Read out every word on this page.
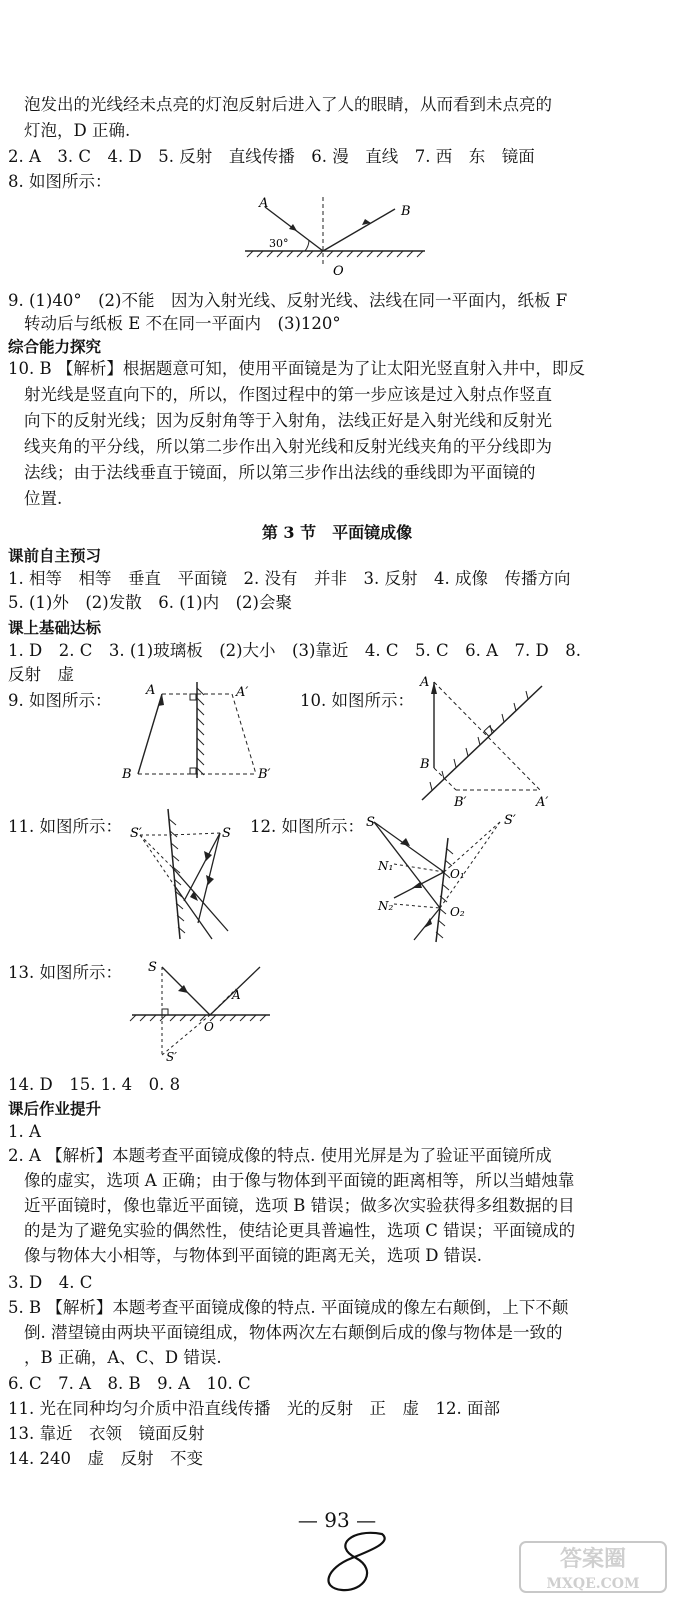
泡发出的光线经未点亮的灯泡反射后进入了人的眼睛，从而看到未点亮的
灯泡，D 正确.
2. A　3. C　4. D　5. 反射　直线传播　6. 漫　直线　7. 西　东　镜面
8. 如图所示：
A
B
30°
O
9. (1)40°　(2)不能　因为入射光线、反射光线、法线在同一平面内，纸板 F
转动后与纸板 E 不在同一平面内　(3)120°
综合能力探究
10. B 【解析】根据题意可知，使用平面镜是为了让太阳光竖直射入井中，即反
射光线是竖直向下的，所以，作图过程中的第一步应该是过入射点作竖直
向下的反射光线；因为反射角等于入射角，法线正好是入射光线和反射光
线夹角的平分线，所以第二步作出入射光线和反射光线夹角的平分线即为
法线；由于法线垂直于镜面，所以第三步作出法线的垂线即为平面镜的
位置.
第 3 节　平面镜成像
课前自主预习
1. 相等　相等　垂直　平面镜　2. 没有　并非　3. 反射　4. 成像　传播方向
5. (1)外　(2)发散　6. (1)内　(2)会聚
课上基础达标
1. D　2. C　3. (1)玻璃板　(2)大小　(3)靠近　4. C　5. C　6. A　7. D　8.
反射　虚
9. 如图所示：	10. 如图所示：
A	A′
B	B′
A
B
B′	A′
11. 如图所示：	12. 如图所示：
S′	S
S	S′
N₁
O₁
N₂	O₂
13. 如图所示： S
A
O
S′
14. D　15. 1. 4　0. 8
课后作业提升
1. A
2. A 【解析】本题考查平面镜成像的特点. 使用光屏是为了验证平面镜所成
像的虚实，选项 A 正确；由于像与物体到平面镜的距离相等，所以当蜡烛靠
近平面镜时，像也靠近平面镜，选项 B 错误；做多次实验获得多组数据的目
的是为了避免实验的偶然性，使结论更具普遍性，选项 C 错误；平面镜成的
像与物体大小相等，与物体到平面镜的距离无关，选项 D 错误.
3. D　4. C
5. B 【解析】本题考查平面镜成像的特点. 平面镜成的像左右颠倒，上下不颠
倒. 潜望镜由两块平面镜组成，物体两次左右颠倒后成的像与物体是一致的
，B 正确，A、C、D 错误.
6. C　7. A　8. B　9. A　10. C
11. 光在同种均匀介质中沿直线传播　光的反射　正　虚　12. 面部
13. 靠近　衣领　镜面反射
14. 240　虚　反射　不变
— 93 —
答案圈
MXQE.COM
